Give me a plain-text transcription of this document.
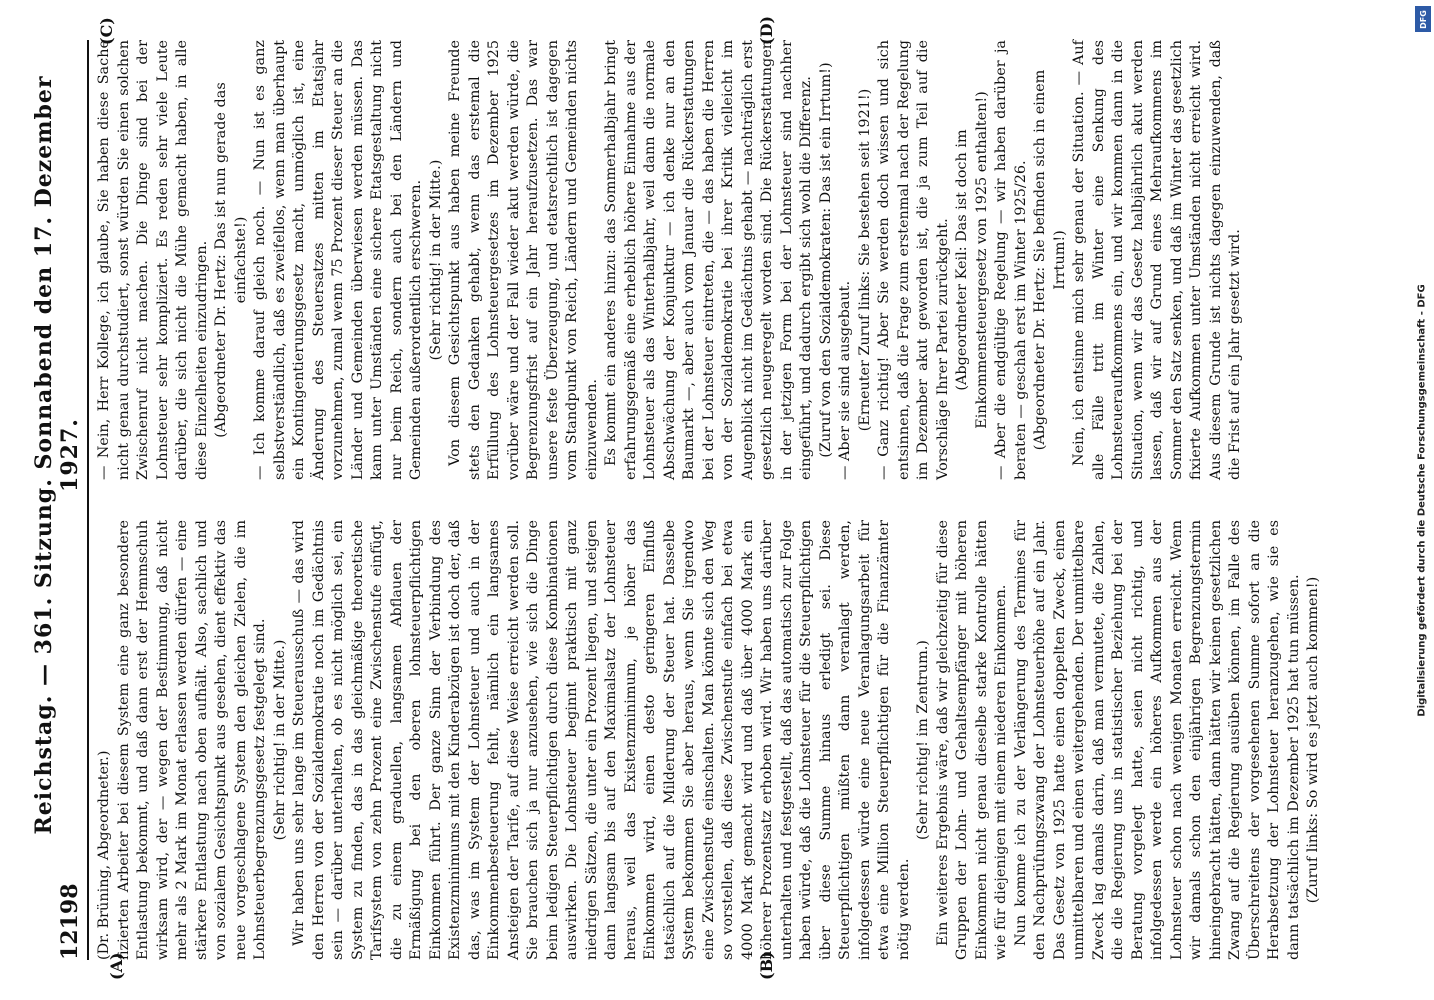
12198
Reichstag. — 361. Sitzung. Sonnabend den 17. Dezember 1927.

(Dr. Brüning, Abgeordneter.) fizierten Arbeiter bei diesem System eine ganz besondere Entlastung bekommt, und daß dann erst der Hemmschuh wirksam wird, der — wegen der Bestimmung, daß nicht mehr als 2 Mark im Monat erlassen werden dürfen — eine stärkere Entlastung nach oben aufhält. Also, sachlich und von sozialem Gesichtspunkt aus gesehen, dient effektiv das neue vorgeschlagene System den gleichen Zielen, die im Lohnsteuerbegrenzungsgesetz festgelegt sind. (Sehr richtig! in der Mitte.) Wir haben uns sehr lange im Steuerausschuß — das wird den Herren von der Sozialdemokratie noch im Gedächtnis sein — darüber unterhalten, ob es nicht möglich sei, ein System zu finden, das in das gleichmäßige theoretische Tarifsystem von zehn Prozent eine Zwischenstufe einfügt, die zu einem graduellen, langsamen Abflauen der Ermäßigung bei den oberen lohnsteuerpflichtigen Einkommen führt. Der ganze Sinn der Verbindung des Existenzminimums mit den Kinderabzügen ist doch der, daß das, was im System der Lohnsteuer und auch in der Einkommenbesteuerung fehlt, nämlich ein langsames Ansteigen der Tarife, auf diese Weise erreicht werden soll. Sie brauchen sich ja nur anzusehen, wie sich die Dinge beim ledigen Steuerpflichtigen durch diese Kombinationen auswirken. Die Lohnsteuer beginnt praktisch mit ganz niedrigen Sätzen, die unter ein Prozent liegen, und steigen dann langsam bis auf den Maximalsatz der Lohnsteuer heraus, weil das Existenzminimum, je höher das Einkommen wird, einen desto geringeren Einfluß tatsächlich auf die Milderung der Steuer hat. Dasselbe System bekommen Sie aber heraus, wenn Sie irgendwo eine Zwischenstufe einschalten. Man könnte sich den Weg so vorstellen, daß diese Zwischenstufe einfach bei etwa 4000 Mark gemacht wird und daß über 4000 Mark ein höherer Prozentsatz erhoben wird. Wir haben uns darüber unterhalten und festgestellt, daß das automatisch zur Folge haben würde, daß die Lohnsteuer für die Steuerpflichtigen über diese Summe hinaus erledigt sei. Diese Steuerpflichtigen müßten dann veranlagt werden, infolgedessen würde eine neue Veranlagungsarbeit für etwa eine Million Steuerpflichtigen für die Finanzämter nötig werden.

(Sehr richtig! im Zentrum.) Ein weiteres Ergebnis wäre, daß wir gleichzeitig für diese Gruppen der Lohn- und Gehaltsempfänger mit höheren Einkommen nicht genau dieselbe starke Kontrolle hätten wie für diejenigen mit einem niederen Einkommen. Nun komme ich zu der Verlängerung des Termines für den Nachprüfungszwang der Lohnsteuerhöhe auf ein Jahr. Das Gesetz von 1925 hatte einen doppelten Zweck, einen unmittelbaren und einen weitergehenden. Der unmittelbare Zweck lag damals darin, daß man vermutete, die Zahlen, die die Regierung uns in statistischer Beziehung bei der Beratung vorgelegt hatte, seien nicht richtig, und infolgedessen werde ein höheres Aufkommen aus der Lohnsteuer schon nach wenigen Monaten erreicht. Wenn wir damals schon den einjährigen Begrenzungstermin hineingebracht hätten, dann hätten wir keinen gesetzlichen Zwang auf die Regierung ausüben können, im Falle des Überschreitens der vorgesehenen Summe sofort an die Herabsetzung der Lohnsteuer heranzugehen, wie sie es dann tatsächlich im Dezember 1925 hat tun müssen. (Zuruf links: So wird es jetzt auch kommen!)

— Nein, Herr Kollege, ich glaube, Sie haben diese Sache nicht genau durchstudiert, sonst würden Sie einen solchen Zwischenruf nicht machen. Die Dinge sind bei der Lohnsteuer sehr kompliziert. Es reden sehr viele Leute darüber, die sich nicht die Mühe gemacht haben, in alle diese Einzelheiten einzudringen. (Abgeordneter Dr. Hertz: Das ist nun gerade das einfachste!) — Ich komme darauf gleich noch. — Nun ist es ganz selbstverständlich, daß es zweifellos, wenn man überhaupt ein Kontingentierungsgesetz macht, unmöglich ist, eine Änderung des Steuersatzes mitten im Etatsjahr vorzunehmen, zumal wenn 75 Prozent dieser Steuer an die Länder und Gemeinden überwiesen werden müssen. Das kann unter Umständen eine sichere Etatsgestaltung nicht nur beim Reich, sondern auch bei den Ländern und Gemeinden außerordentlich erschweren. (Sehr richtig! in der Mitte.) Von diesem Gesichtspunkt aus haben meine Freunde stets den Gedanken gehabt, wenn das erstemal die Erfüllung des Lohnsteuergesetzes im Dezember 1925 vorüber wäre und der Fall wieder akut werden würde, die Begrenzungsfrist auf ein Jahr heraufzusetzen. Das war unsere feste Überzeugung, und etatsrechtlich ist dagegen vom Standpunkt von Reich, Ländern und Gemeinden nichts einzuwenden. Es kommt ein anderes hinzu: das Sommerhalbjahr bringt erfahrungsgemäß eine erheblich höhere Einnahme aus der Lohnsteuer als das Winterhalbjahr, weil dann die normale Abschwächung der Konjunktur — ich denke nur an den Baumarkt —, aber auch vom Januar die Rückerstattungen bei der Lohnsteuer eintreten, die — das haben die Herren von der Sozialdemokratie bei ihrer Kritik vielleicht im Augenblick nicht im Gedächtnis gehabt — nachträglich erst gesetzlich neugeregelt worden sind. Die Rückerstattungen in der jetzigen Form bei der Lohnsteuer sind nachher eingeführt, und dadurch ergibt sich wohl die Differenz. (Zuruf von den Sozialdemokraten: Das ist ein Irrtum!) — Aber sie sind ausgebaut. (Erneuter Zuruf links: Sie bestehen seit 1921!) — Ganz richtig! Aber Sie werden doch wissen und sich entsinnen, daß die Frage zum erstenmal nach der Regelung im Dezember akut geworden ist, die ja zum Teil auf die Vorschläge Ihrer Partei zurückgeht. (Abgeordneter Keil: Das ist doch im Einkommensteuergesetz von 1925 enthalten!) — Aber die endgültige Regelung — wir haben darüber ja beraten — geschah erst im Winter 1925/26. (Abgeordneter Dr. Hertz: Sie befinden sich in einem Irrtum!) Nein, ich entsinne mich sehr genau der Situation. — Auf alle Fälle tritt im Winter eine Senkung des Lohnsteueraufkommens ein, und wir kommen dann in die Situation, wenn wir das Gesetz halbjährlich akut werden lassen, daß wir auf Grund eines Mehraufkommens im Sommer den Satz senken, und daß im Winter das gesetzlich fixierte Aufkommen unter Umständen nicht erreicht wird. Aus diesem Grunde ist nichts dagegen einzuwenden, daß die Frist auf ein Jahr gesetzt wird.

(A)	(B)
(C)	(D)	DFG
Digitalisierung gefördert durch die Deutsche Forschungsgemeinschaft - DFG
